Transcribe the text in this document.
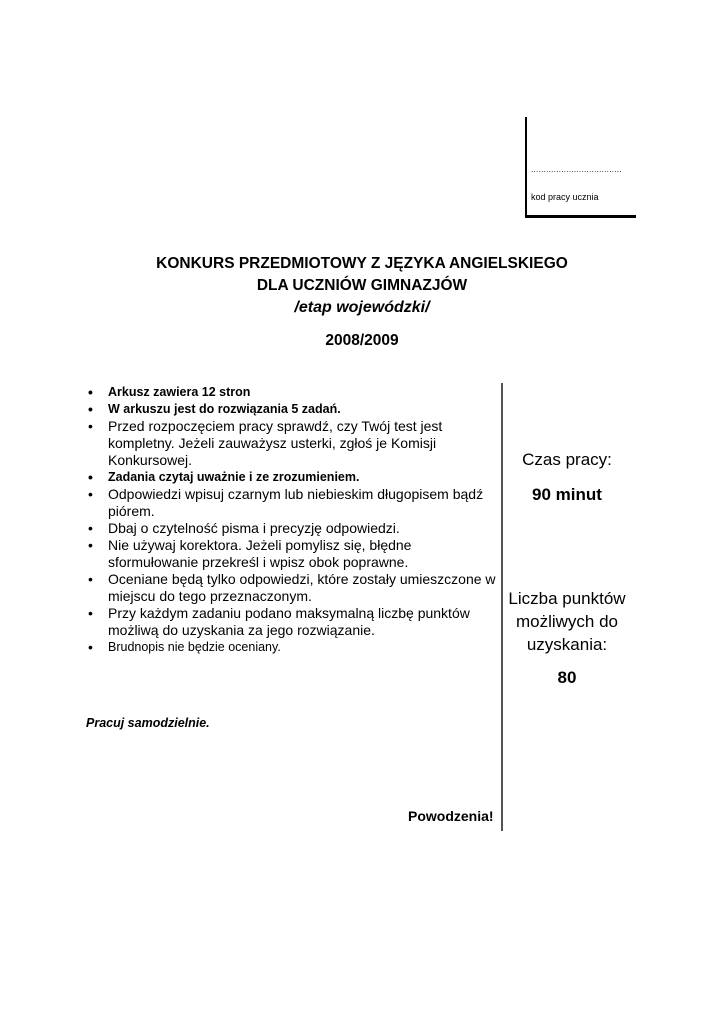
....................................
kod pracy ucznia
KONKURS PRZEDMIOTOWY Z JĘZYKA ANGIELSKIEGO
DLA UCZNIÓW GIMNAZJÓW
/etap wojewódzki/
2008/2009
• Arkusz zawiera 12 stron
• W arkuszu jest do rozwiązania 5 zadań.
• Przed rozpoczęciem pracy sprawdź, czy Twój test jest kompletny. Jeżeli zauważysz usterki, zgłoś je Komisji Konkursowej.
• Zadania czytaj uważnie i ze zrozumieniem.
• Odpowiedzi wpisuj czarnym lub niebieskim długopisem bądź piórem.
• Dbaj o czytelność pisma i precyzję odpowiedzi.
• Nie używaj korektora. Jeżeli pomylisz się, błędne sformułowanie przekreśl i wpisz obok poprawne.
• Oceniane będą tylko odpowiedzi, które zostały umieszczone w miejscu do tego przeznaczonym.
• Przy każdym zadaniu podano maksymalną liczbę punktów możliwą do uzyskania za jego rozwiązanie.
• Brudnopis nie będzie oceniany.
Pracuj samodzielnie.
Powodzenia!
Czas pracy:
90 minut
Liczba punktów możliwych do uzyskania:
80
